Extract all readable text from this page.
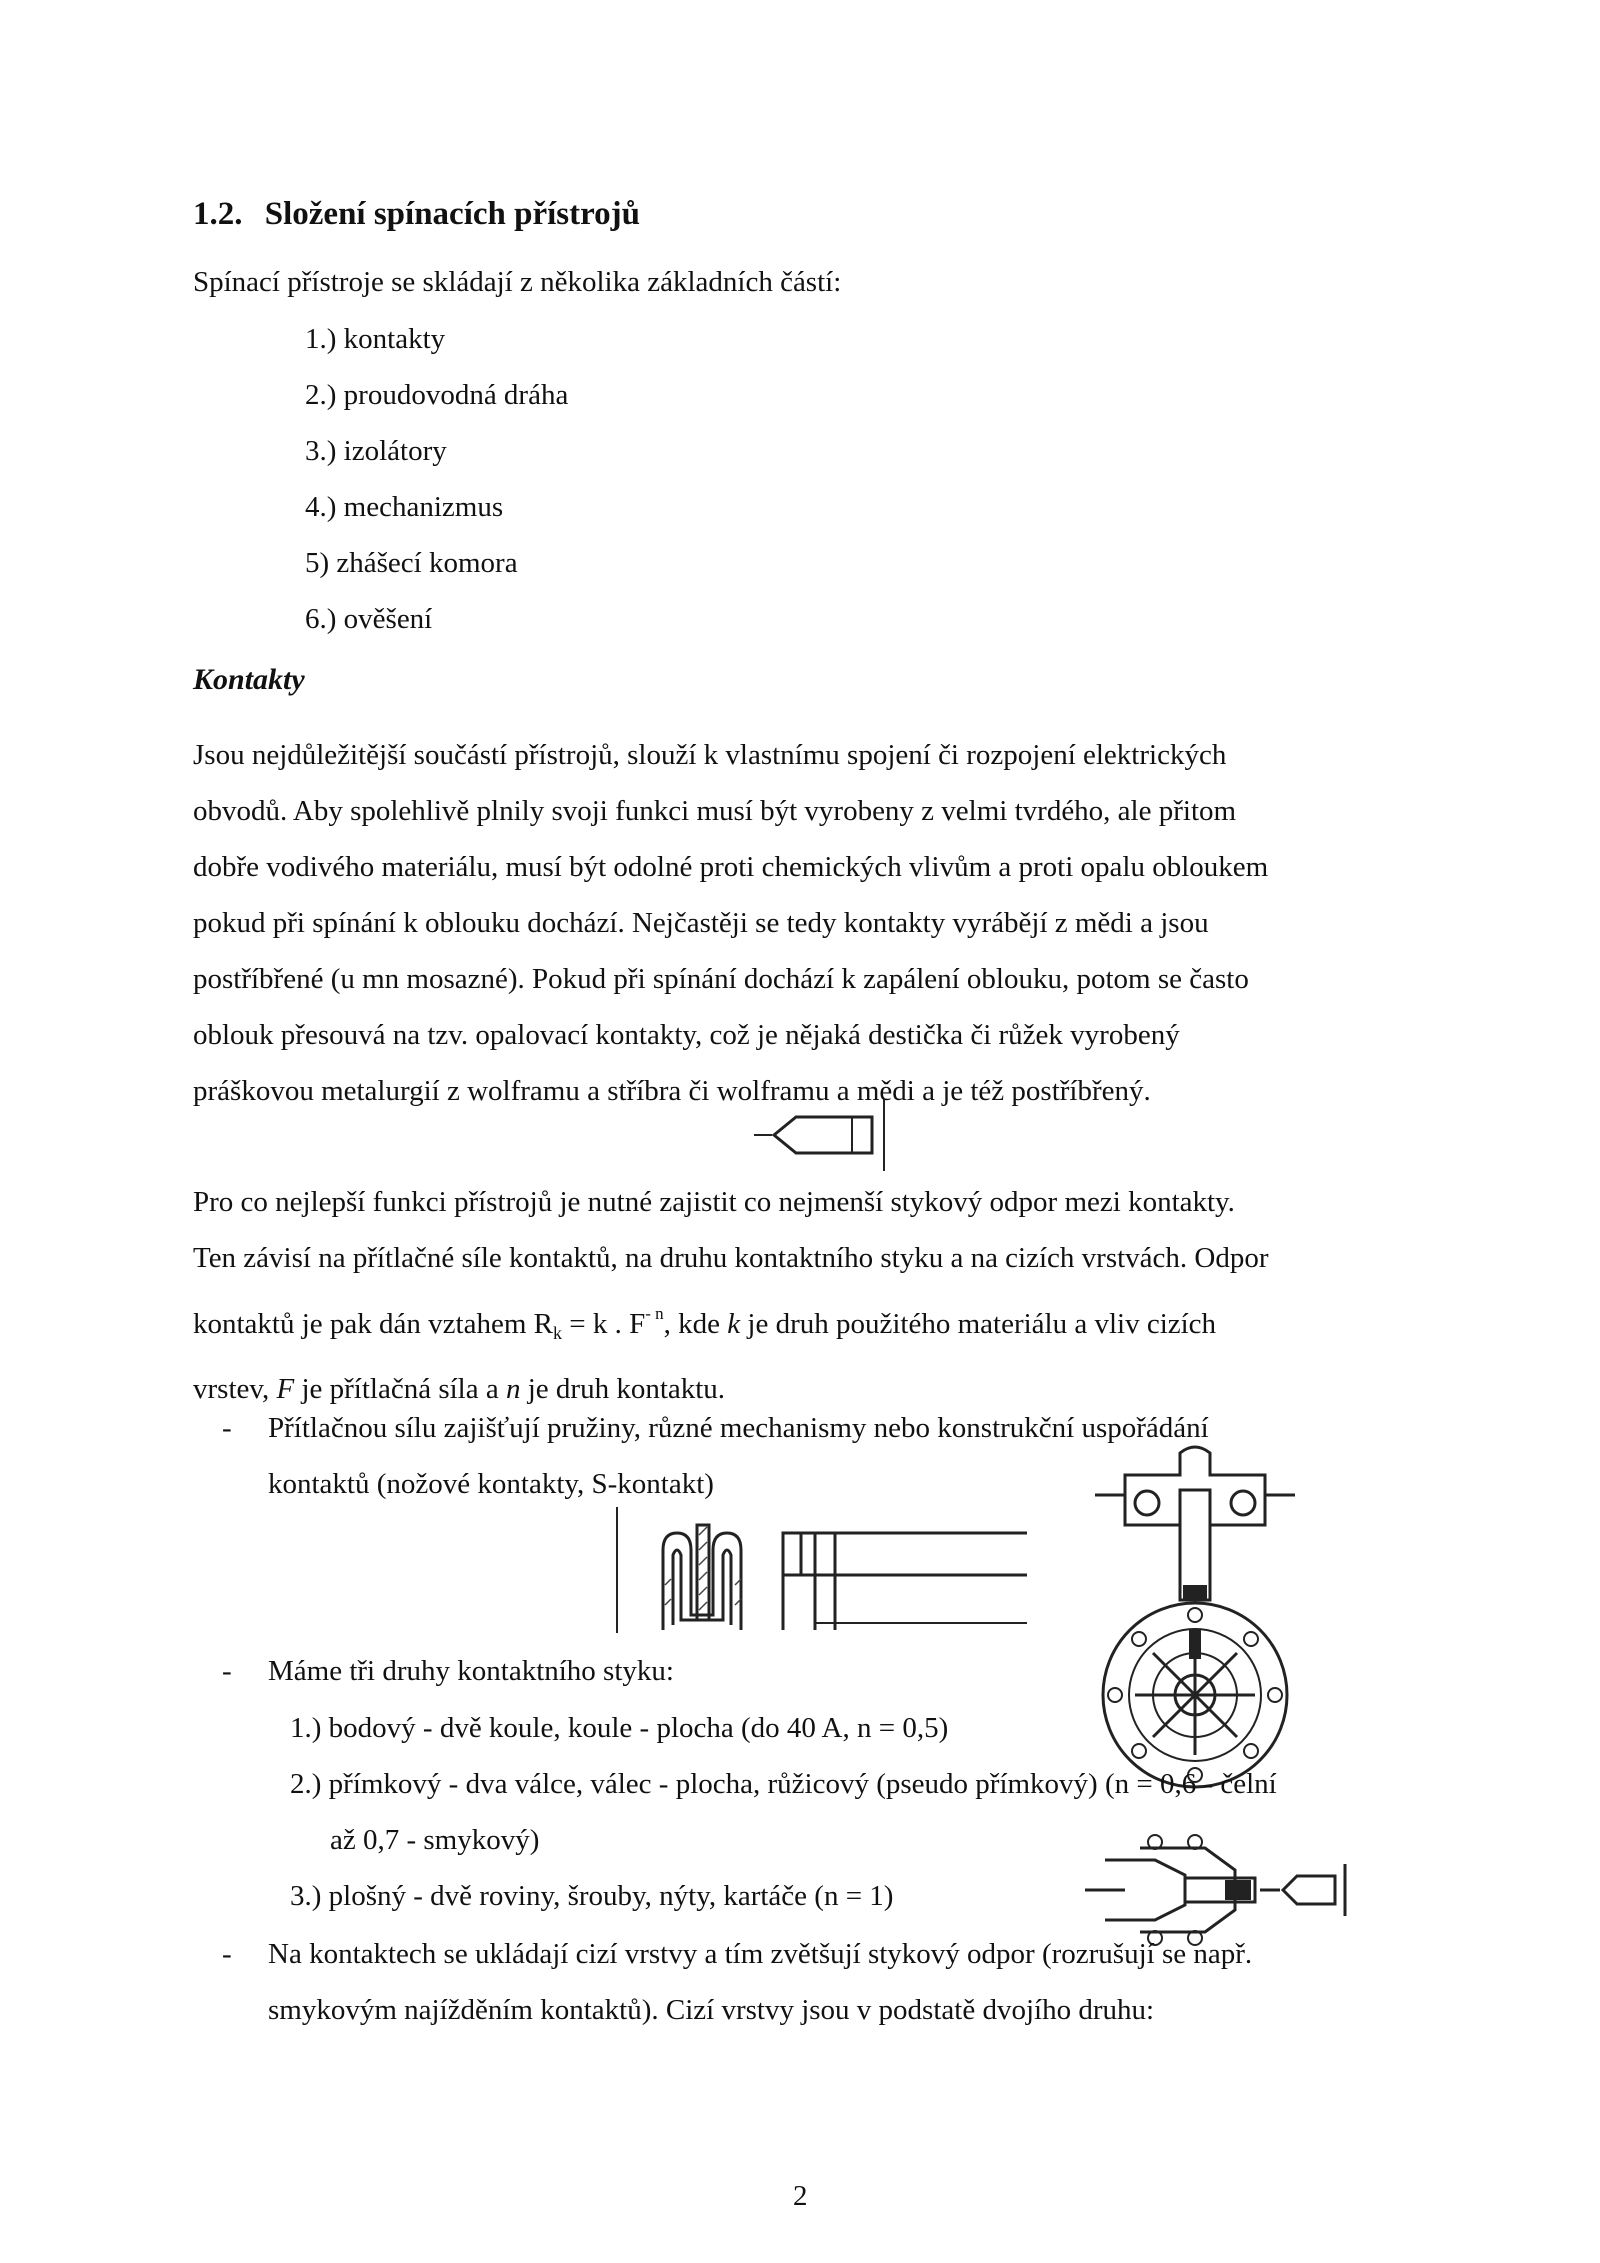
1.2. Složení spínacích přístrojů
Spínací přístroje se skládají z několika základních částí:
1.) kontakty
2.) proudovodná dráha
3.) izolátory
4.) mechanizmus
5) zhášecí komora
6.) ověšení
Kontakty
Jsou nejdůležitější součástí přístrojů, slouží k vlastnímu spojení či rozpojení elektrických
obvodů. Aby spolehlivě plnily svoji funkci musí být vyrobeny z velmi tvrdého, ale přitom
dobře vodivého materiálu, musí být odolné proti chemických vlivům a proti opalu obloukem
pokud při spínání k oblouku dochází. Nejčastěji se tedy kontakty vyrábějí z mědi a jsou
postříbřené (u mn mosazné). Pokud při spínání dochází k zapálení oblouku, potom se často
oblouk přesouvá na tzv. opalovací kontakty, což je nějaká destička či růžek vyrobený
práškovou metalurgií z wolframu a stříbra či wolframu a mědi a je též postříbřený.
Pro co nejlepší funkci přístrojů je nutné zajistit co nejmenší stykový odpor mezi kontakty.
Ten závisí na přítlačné síle kontaktů, na druhu kontaktního styku a na cizích vrstvách. Odpor
kontaktů je pak dán vztahem $R_k = k$ . $F^{- n}$, kde k je druh použitého materiálu a vliv cizích
vrstev, F je přítlačná síla a n je druh kontaktu.
- Přítlačnou sílu zajišťují pružiny, různé mechanismy nebo konstrukční uspořádání
kontaktů (nožové kontakty, S-kontakt)
- Máme tři druhy kontaktního styku:
1.) bodový - dvě koule, koule - plocha (do 40 A, n = 0,5)
2.) přímkový - dva válce, válec - plocha, růžicový (pseudo přímkový) (n = 0,6 - čelní
až 0,7 - smykový)
3.) plošný - dvě roviny, šrouby, nýty, kartáče (n = 1)
- Na kontaktech se ukládají cizí vrstvy a tím zvětšují stykový odpor (rozrušují se např.
smykovým najížděním kontaktů). Cizí vrstvy jsou v podstatě dvojího druhu:
2
